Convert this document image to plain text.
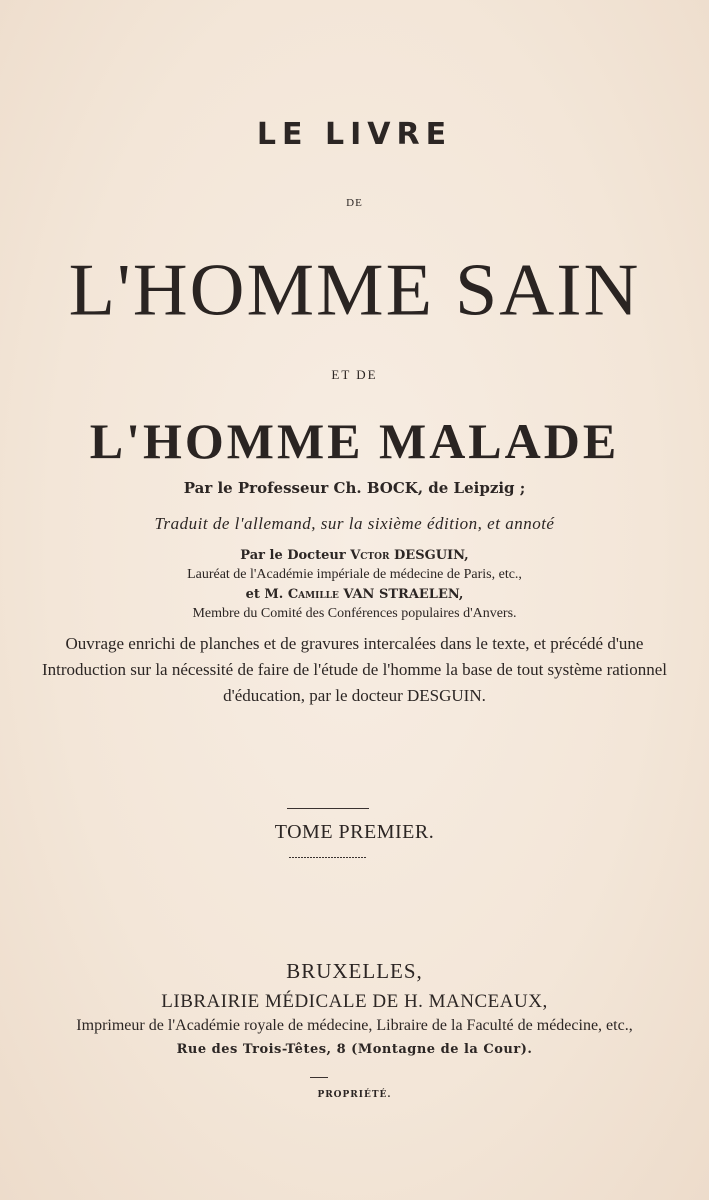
LE LIVRE
DE
L'HOMME SAIN
ET DE
L'HOMME MALADE
Par le Professeur Ch. BOCK, de Leipzig ;
Traduit de l'allemand, sur la sixième édition, et annoté
Par le Docteur Vctor DESGUIN,
Lauréat de l'Académie impériale de médecine de Paris, etc.,
et M. Camille VAN STRAELEN,
Membre du Comité des Conférences populaires d'Anvers.
Ouvrage enrichi de planches et de gravures intercalées dans le texte, et précédé d'une
Introduction sur la nécessité de faire de l'étude de l'homme la base de tout système rationnel
d'éducation, par le docteur DESGUIN.
TOME PREMIER.
BRUXELLES,
LIBRAIRIE MÉDICALE DE H. MANCEAUX,
Imprimeur de l'Académie royale de médecine, Libraire de la Faculté de médecine, etc.,
Rue des Trois-Têtes, 8 (Montagne de la Cour).
PROPRIÉTÉ.
